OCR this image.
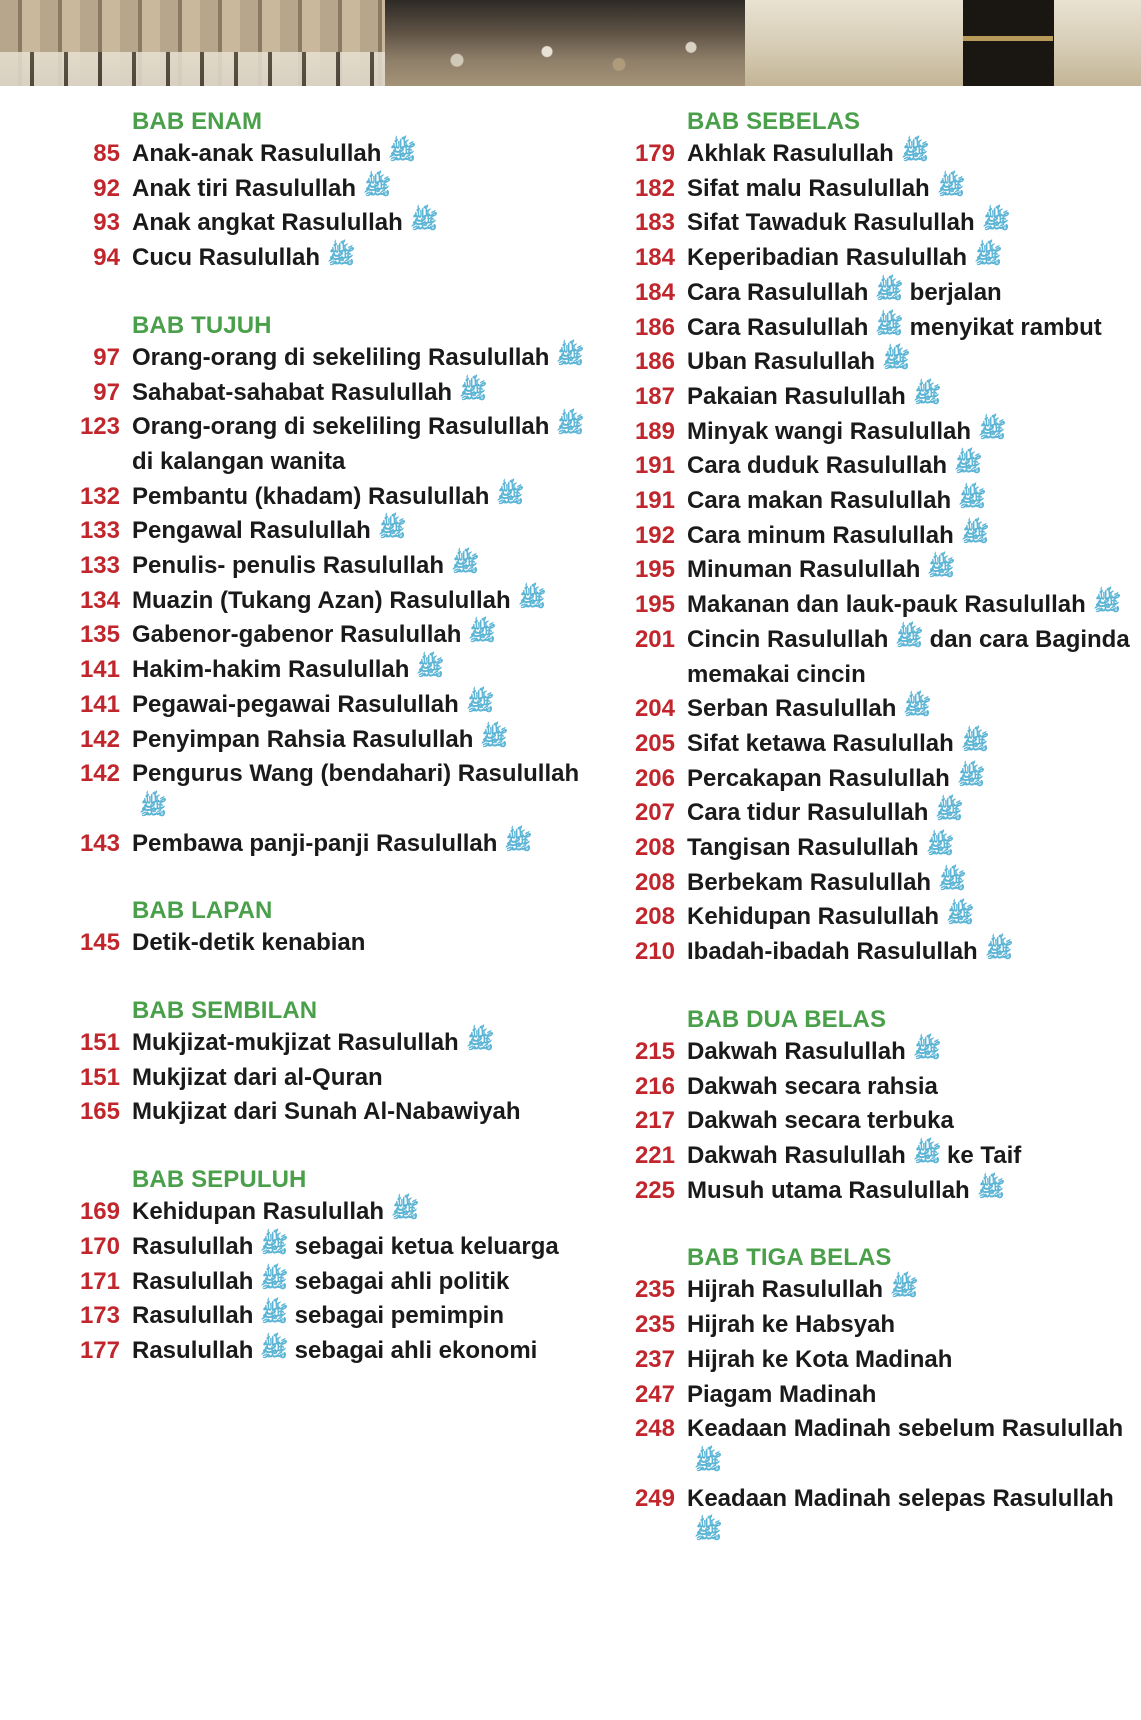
BAB ENAM
85 Anak-anak Rasulullah ﷺ
92 Anak tiri Rasulullah ﷺ
93 Anak angkat Rasulullah ﷺ
94 Cucu Rasulullah ﷺ
BAB TUJUH
97 Orang-orang di sekeliling Rasulullah ﷺ
97 Sahabat-sahabat Rasulullah ﷺ
123 Orang-orang di sekeliling Rasulullah ﷺ di kalangan wanita
132 Pembantu (khadam) Rasulullah ﷺ
133 Pengawal Rasulullah ﷺ
133 Penulis- penulis Rasulullah ﷺ
134 Muazin (Tukang Azan) Rasulullah ﷺ
135 Gabenor-gabenor Rasulullah ﷺ
141 Hakim-hakim Rasulullah ﷺ
141 Pegawai-pegawai Rasulullah ﷺ
142 Penyimpan Rahsia Rasulullah ﷺ
142 Pengurus Wang (bendahari) Rasulullahﷺ
143 Pembawa panji-panji Rasulullah ﷺ
BAB LAPAN
145 Detik-detik kenabian
BAB SEMBILAN
151 Mukjizat-mukjizat Rasulullah ﷺ
151 Mukjizat dari al-Quran
165 Mukjizat dari Sunah Al-Nabawiyah
BAB SEPULUH
169 Kehidupan Rasulullah ﷺ
170 Rasulullah ﷺ sebagai ketua keluarga
171 Rasulullah ﷺ sebagai ahli politik
173 Rasulullah ﷺ sebagai pemimpin
177 Rasulullah ﷺ sebagai ahli ekonomi
BAB SEBELAS
179 Akhlak Rasulullah ﷺ
182 Sifat malu Rasulullah ﷺ
183 Sifat Tawaduk Rasulullah ﷺ
184 Keperibadian Rasulullah ﷺ
184 Cara Rasulullah ﷺ berjalan
186 Cara Rasulullah ﷺ menyikat rambut
186 Uban Rasulullah ﷺ
187 Pakaian Rasulullah ﷺ
189 Minyak wangi Rasulullah ﷺ
191 Cara duduk Rasulullah ﷺ
191 Cara makan Rasulullah ﷺ
192 Cara minum Rasulullah ﷺ
195 Minuman Rasulullah ﷺ
195 Makanan dan lauk-pauk Rasulullah ﷺ
201 Cincin Rasulullah ﷺ dan cara Baginda memakai cincin
204 Serban Rasulullah ﷺ
205 Sifat ketawa Rasulullah ﷺ
206 Percakapan Rasulullah ﷺ
207 Cara tidur Rasulullah ﷺ
208 Tangisan Rasulullah ﷺ
208 Berbekam Rasulullah ﷺ
208 Kehidupan Rasulullah ﷺ
210 Ibadah-ibadah Rasulullah ﷺ
BAB DUA BELAS
215 Dakwah Rasulullah ﷺ
216 Dakwah secara rahsia
217 Dakwah secara terbuka
221 Dakwah Rasulullah ﷺ ke Taif
225 Musuh utama Rasulullah ﷺ
BAB TIGA BELAS
235 Hijrah Rasulullah ﷺ
235 Hijrah ke Habsyah
237 Hijrah ke Kota Madinah
247 Piagam Madinah
248 Keadaan Madinah sebelum Rasulullahﷺ
249 Keadaan Madinah selepas Rasulullahﷺ
